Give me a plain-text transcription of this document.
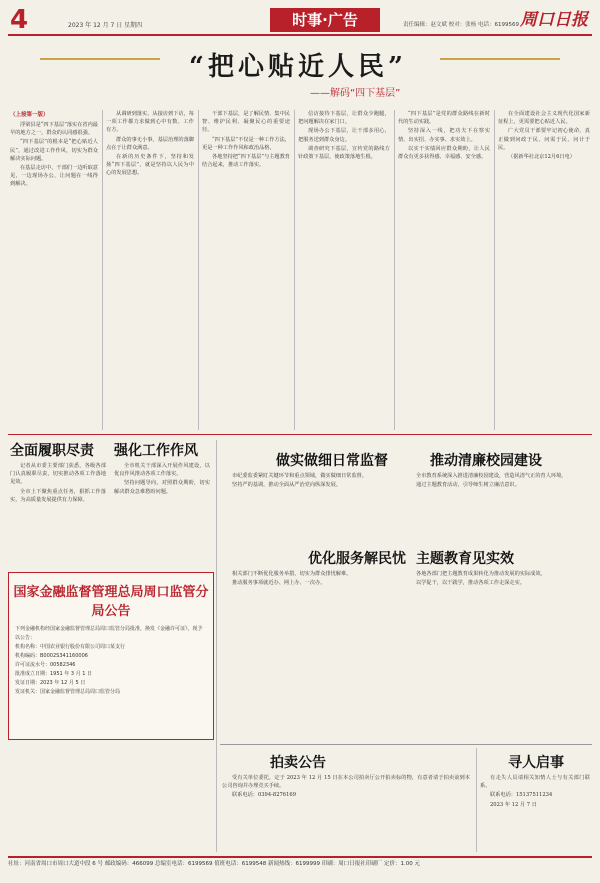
4	2023 年 12 月 7 日 星期四	时事·广告	责任编辑：赵文斌 校对：张杨 电话：6199569 周口日报
“把心贴近人民”
——解码“四下基层”
（上接第一版）

浮梁县是“四下基层”落实在省内最早的地方之一，群众的认同感很强。

“四下基层”的根本是“把心贴近人民”，通过改进工作作风，切实为群众解决实际问题。

在基层走访中，干部们一边听取意见，一边现场办公，让问题在一线得到解决。

从调研到落实，从接访到下访，每一项工作都力求做到心中有数、工作有方。

群众的事无小事，基层治理的落脚点在于让群众满意。

在新的历史条件下，坚持和发扬“四下基层”，就是坚持以人民为中心的发展思想。

干部下基层，是了解民情、集中民智、维护民利、凝聚民心的重要途径。

“四下基层”不仅是一种工作方法，更是一种工作作风和政治品格。

各地坚持把“四下基层”与主题教育结合起来，推动工作落实。

信访接待下基层，让群众少跑腿，把问题解决在家门口。

现场办公下基层，让干部多用心，把服务送到群众身边。

调查研究下基层，宣传党的路线方针政策下基层，使政策落地生根。

“四下基层”是党的群众路线在新时代的生动实践。

坚持深入一线，把功夫下在察实情、出实招、办实事、求实效上。

以实干实绩回应群众期盼，让人民群众有更多获得感、幸福感、安全感。

在全面建设社会主义现代化国家新征程上，更需要把心贴近人民。

广大党员干部要牢记初心使命，真正做到问政于民、问需于民、问计于民。

（据新华社北京12月6日电）

全面履职尽责 强化工作作风

记者从市委主要部门获悉，各级各部门认真履职尽责，切实推动各项工作落地见效。

全市上下聚焦重点任务，狠抓工作落实，为高质量发展提供有力保障。

全市机关干部深入开展作风建设，以优良作风推动各项工作落实。

坚持问题导向，对照群众期盼，切实解决群众急难愁盼问题。

国家金融监督管理总局周口监管分局公告
下列金融机构经国家金融监督管理总局周口监管分局批准，换发《金融许可证》，现予以公告：
机构名称：中国农业银行股份有限公司周口某支行
机构编码：B0002S341160006
许可证流水号：00582346
批准成立日期：1951 年 3 月 1 日
发证日期：2023 年 12 月 5 日
发证机关：国家金融监督管理总局周口监管分局
做实做细日常监督	推动清廉校园建设

市纪委监委紧盯关键环节和重点领域，做实做细日常监督。

坚持严的基调，推动全面从严治党向纵深发展。

全市教育系统深入推进清廉校园建设，营造风清气正的育人环境。

通过主题教育活动，引导师生树立廉洁意识。

优化服务解民忧 主题教育见实效

相关部门不断优化服务举措，切实为群众排忧解难。

推动服务事项就近办、网上办、一次办。

各地各部门把主题教育成果转化为推动发展的实际成效。

以学促干，以干践学，推动各项工作走深走实。

拍卖公告

受有关单位委托，定于 2023 年 12 月 15 日在本公司拍卖厅公开拍卖标的物，有意者请于拍卖前到本公司咨询并办理竞买手续。

联系电话：0394-8276169

寻人启事

有走失人员请相关知情人士与有关部门联系。

联系电话：15137511234

2023 年 12 月 7 日

社址：河南省周口市周口大道中段 6 号 邮政编码：466099 总编室电话：6199569 值班电话：6199548 新闻热线：6199999 印刷：周口日报社印刷厂 定价：1.00 元
